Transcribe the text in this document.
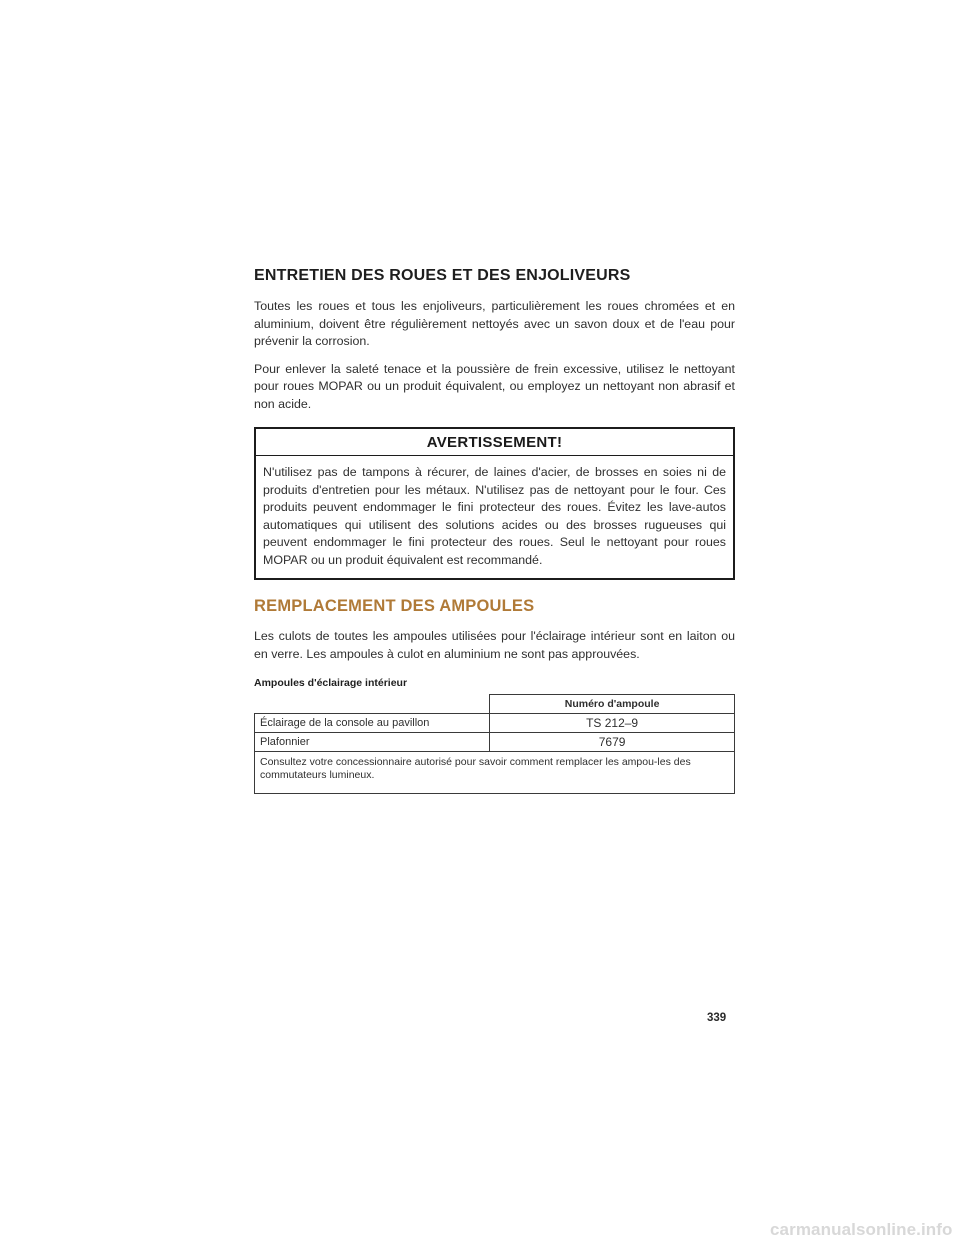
ENTRETIEN DES ROUES ET DES ENJOLIVEURS

Toutes les roues et tous les enjoliveurs, particulièrement les roues chromées et en aluminium, doivent être régulièrement nettoyés avec un savon doux et de l'eau pour prévenir la corrosion.

Pour enlever la saleté tenace et la poussière de frein excessive, utilisez le nettoyant pour roues MOPAR ou un produit équivalent, ou employez un nettoyant non abrasif et non acide.

AVERTISSEMENT!
N'utilisez pas de tampons à récurer, de laines d'acier, de brosses en soies ni de produits d'entretien pour les métaux. N'utilisez pas de nettoyant pour le four. Ces produits peuvent endommager le fini protecteur des roues. Évitez les lave-autos automatiques qui utilisent des solutions acides ou des brosses rugueuses qui peuvent endommager le fini protecteur des roues. Seul le nettoyant pour roues MOPAR ou un produit équivalent est recommandé.
REMPLACEMENT DES AMPOULES

Les culots de toutes les ampoules utilisées pour l'éclairage intérieur sont en laiton ou en verre. Les ampoules à culot en aluminium ne sont pas approuvées.

Ampoules d'éclairage intérieur
	Numéro d'ampoule
Éclairage de la console au pavillon	TS 212–9
Plafonnier	7679
Consultez votre concessionnaire autorisé pour savoir comment remplacer les ampou-les des commutateurs lumineux.	
339
carmanualsonline.info
